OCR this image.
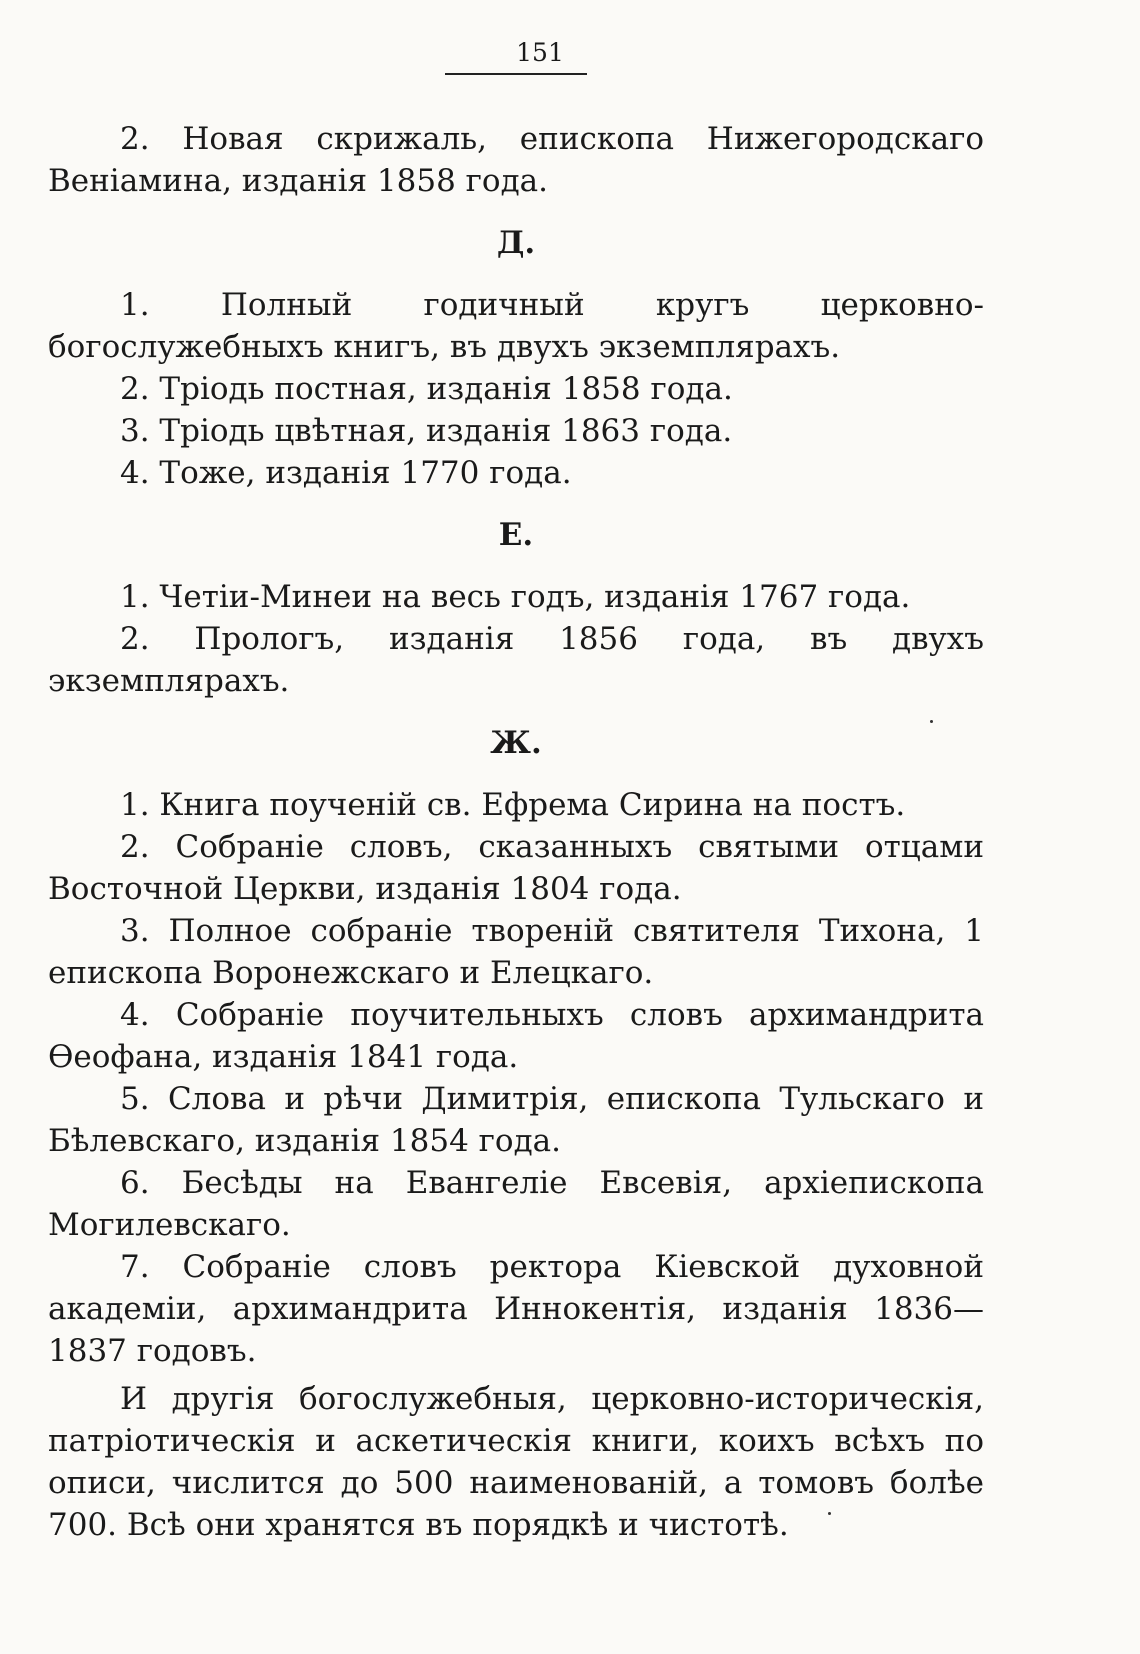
151

2. Новая скрижаль, епископа Нижегородскаго Веніамина, изданія 1858 года.

Д.

1. Полный годичный кругъ церковно-богослужебныхъ книгъ, въ двухъ экземплярахъ.

2. Тріодь постная, изданія 1858 года.

3. Тріодь цвѣтная, изданія 1863 года.

4. Тоже, изданія 1770 года.

Е.

1. Четіи-Минеи на весь годъ, изданія 1767 года.

2. Прологъ, изданія 1856 года, въ двухъ экземплярахъ.

Ж.

1. Книга поученій св. Ефрема Сирина на постъ.

2. Собраніе словъ, сказанныхъ святыми отцами Восточной Церкви, изданія 1804 года.

3. Полное собраніе твореній святителя Тихона, 1 епископа Воронежскаго и Елецкаго.

4. Собраніе поучительныхъ словъ архимандрита Өеофана, изданія 1841 года.

5. Слова и рѣчи Димитрія, епископа Тульскаго и Бѣлевскаго, изданія 1854 года.

6. Бесѣды на Евангеліе Евсевія, архіепископа Могилевскаго.

7. Собраніе словъ ректора Кіевской духовной академіи, архимандрита Иннокентія, изданія 1836—1837 годовъ.

И другія богослужебныя, церковно-историческія, патріотическія и аскетическія книги, коихъ всѣхъ по описи, числится до 500 наименованій, а томовъ болѣе 700. Всѣ они хранятся въ порядкѣ и чистотѣ.
